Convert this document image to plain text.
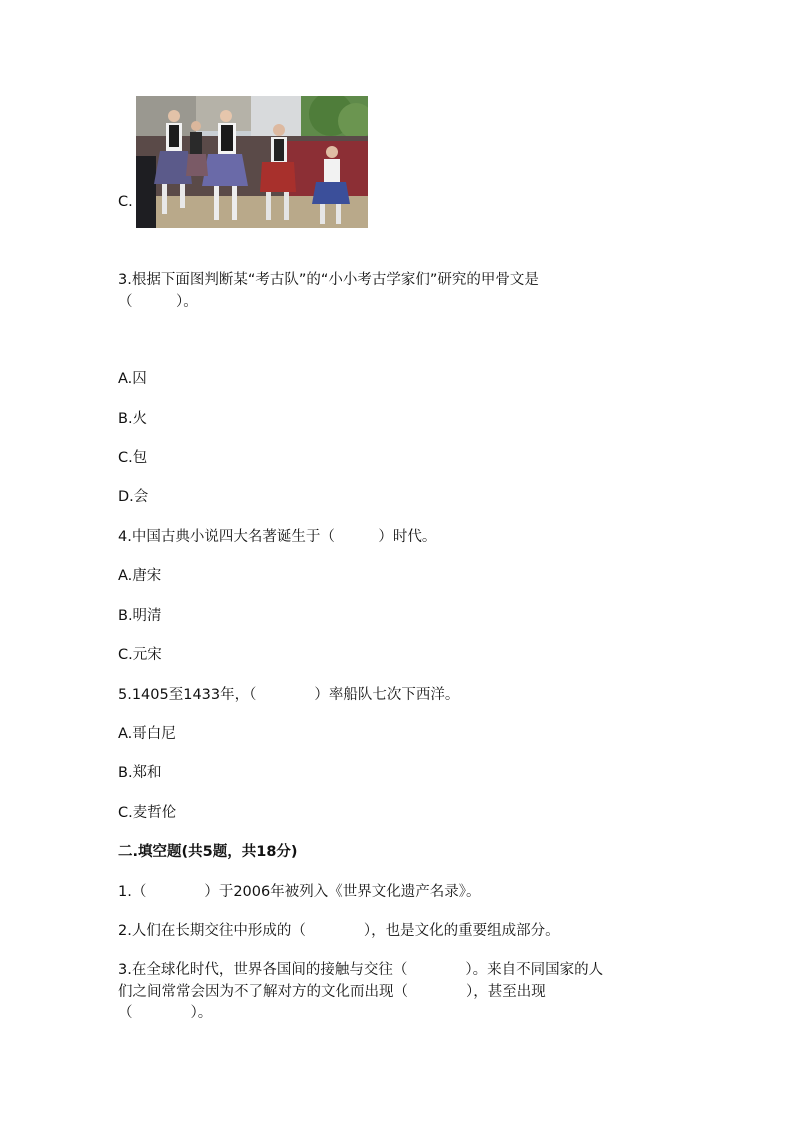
C.
3.根据下面图判断某“考古队”的“小小考古学家们”研究的甲骨文是
（　　　）。
A.囚
B.火
C.包
D.会
4.中国古典小说四大名著诞生于（　　　）时代。
A.唐宋
B.明清
C.元宋
5.1405至1433年，（　　　　）率船队七次下西洋。
A.哥白尼
B.郑和
C.麦哲伦
二.填空题(共5题，共18分)
1.（　　　　）于2006年被列入《世界文化遗产名录》。
2.人们在长期交往中形成的（　　　　），也是文化的重要组成部分。
3.在全球化时代，世界各国间的接触与交往（　　　　）。来自不同国家的人
们之间常常会因为不了解对方的文化而出现（　　　　），甚至出现
（　　　　）。
